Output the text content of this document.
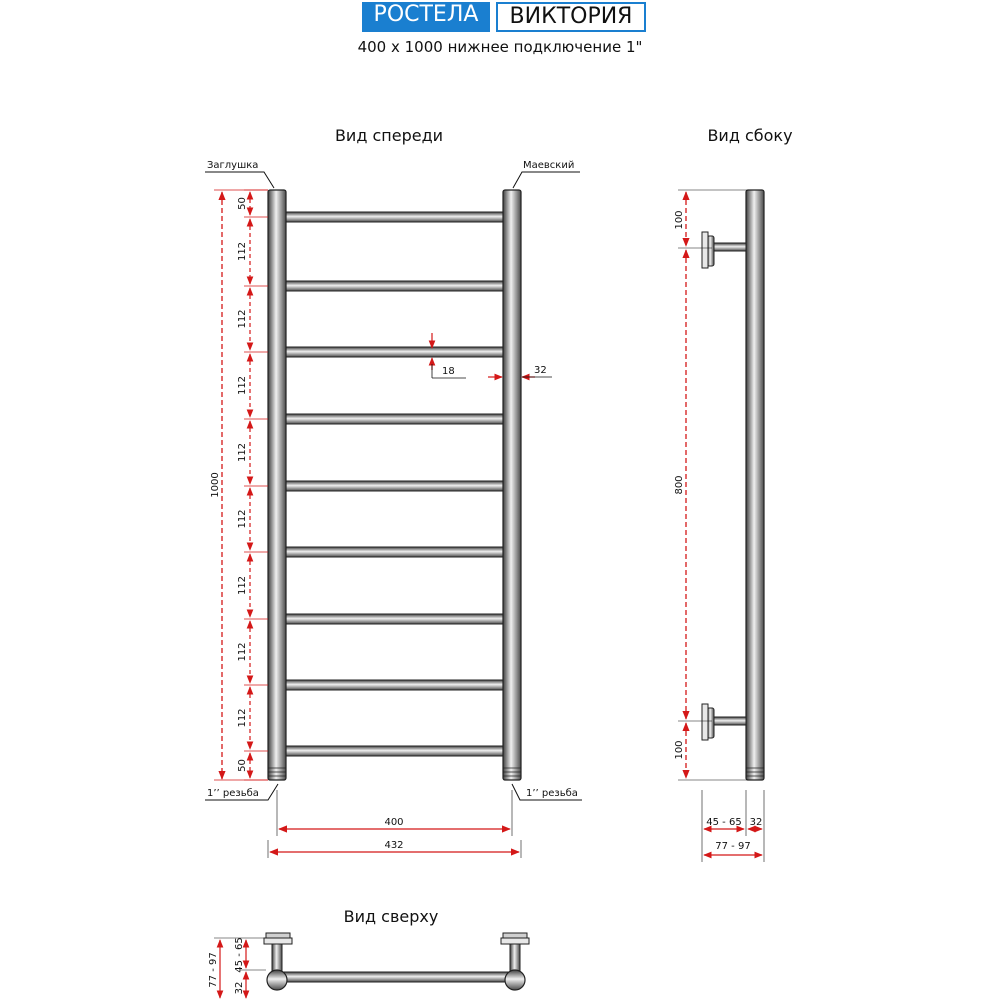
РОСТЕЛА	ВИКТОРИЯ
400 x 1000 нижнее подключение 1"
Вид спереди	Вид сбоку
Вид сверху
Заглушка	Маевский
1’’ резьба	1’’ резьба
1000
50
112
112
112
112
112
112
112
112
50
18	32
400
432
100
800
100
45 - 65 32
77 - 97
77 - 97 45 - 65
32
